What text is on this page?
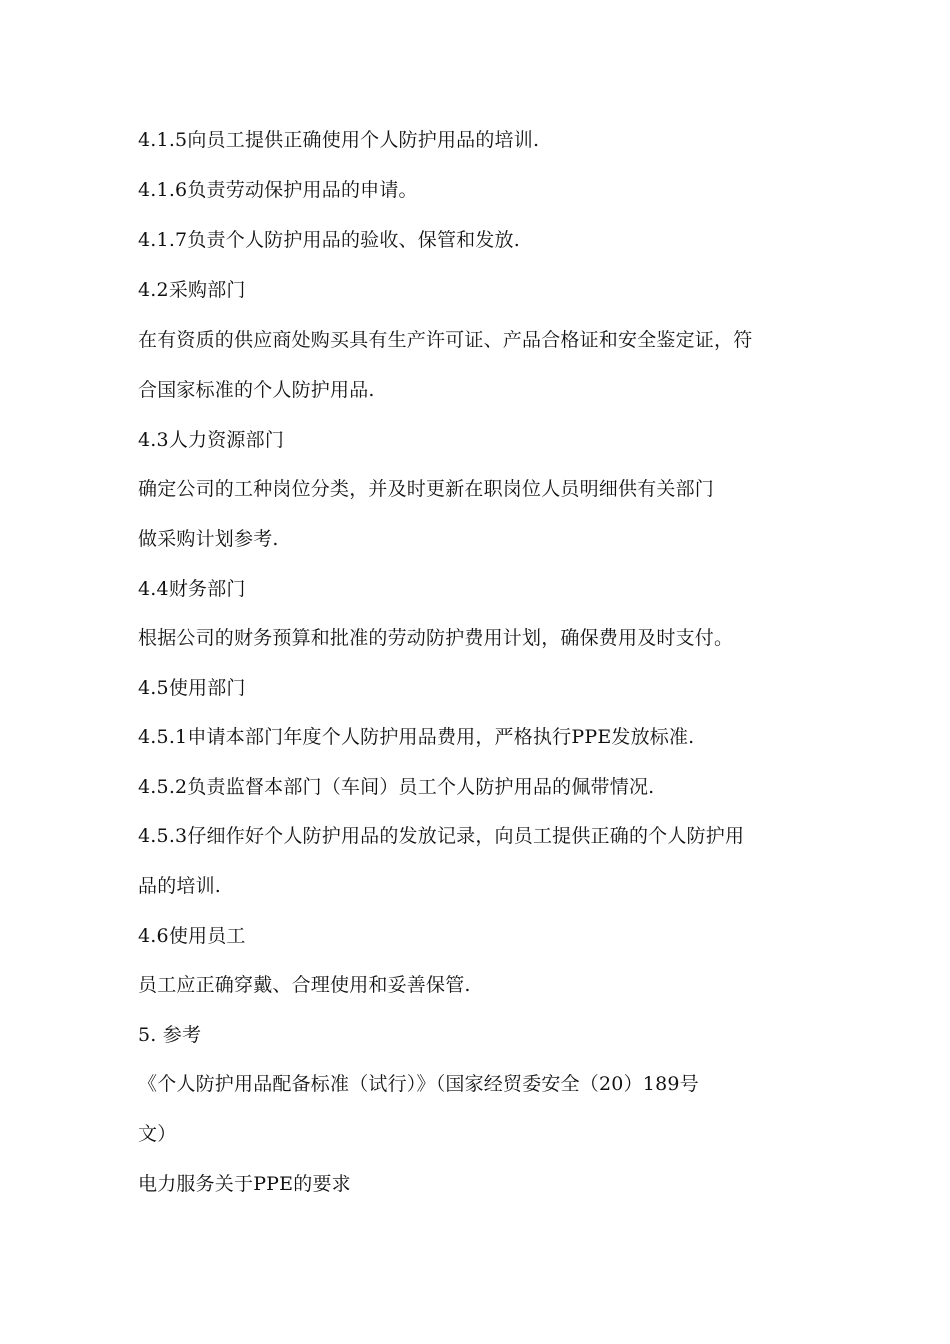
4.1.5向员工提供正确使用个人防护用品的培训.
4.1.6负责劳动保护用品的申请。
4.1.7负责个人防护用品的验收、保管和发放.
4.2采购部门
在有资质的供应商处购买具有生产许可证、产品合格证和安全鉴定证，符
合国家标准的个人防护用品.
4.3人力资源部门
确定公司的工种岗位分类，并及时更新在职岗位人员明细供有关部门
做采购计划参考.
4.4财务部门
根据公司的财务预算和批准的劳动防护费用计划，确保费用及时支付。
4.5使用部门
4.5.1申请本部门年度个人防护用品费用，严格执行PPE发放标准.
4.5.2负责监督本部门（车间）员工个人防护用品的佩带情况.
4.5.3仔细作好个人防护用品的发放记录，向员工提供正确的个人防护用
品的培训.
4.6使用员工
员工应正确穿戴、合理使用和妥善保管.
5. 参考
《个人防护用品配备标准（试行）》（国家经贸委安全（20）189号
文）
电力服务关于PPE的要求
